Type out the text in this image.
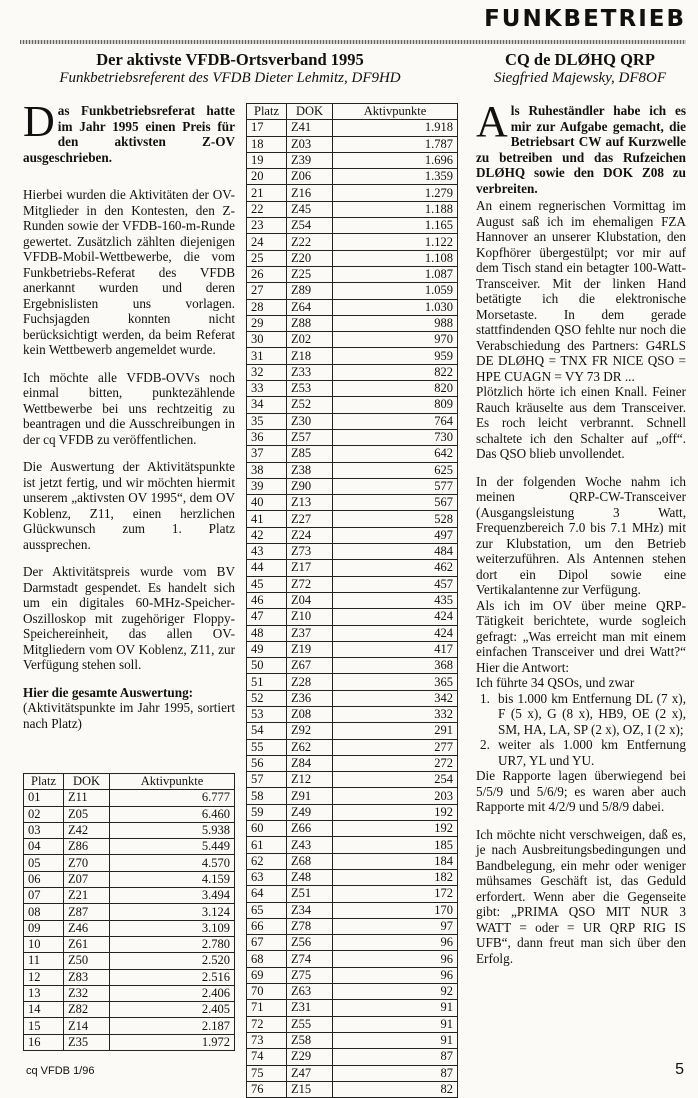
FUNKBETRIEB
Der aktivste VFDB-Ortsverband 1995
Funkbetriebsreferent des VFDB Dieter Lehmitz, DF9HD
CQ de DLØHQ QRP
Siegfried Majewsky, DF8OF

Das Funkbetriebsreferat hatte im Jahr 1995 einen Preis für den aktivsten Z-OV ausgeschrieben.

Hierbei wurden die Aktivitäten der OV-Mitglieder in den Kontesten, den Z-Runden sowie der VFDB-160-m-Runde gewertet. Zusätzlich zählten diejenigen VFDB-Mobil-Wettbewerbe, die vom Funkbetriebs-Referat des VFDB anerkannt wurden und deren Ergebnislisten uns vorlagen. Fuchsjagden konnten nicht berücksichtigt werden, da beim Referat kein Wettbewerb angemeldet wurde.

Ich möchte alle VFDB-OVVs noch einmal bitten, punktezählende Wettbewerbe bei uns rechtzeitig zu beantragen und die Ausschreibungen in der cq VFDB zu veröffentlichen.

Die Auswertung der Aktivitätspunkte ist jetzt fertig, und wir möchten hiermit unserem „aktivsten OV 1995“, dem OV Koblenz, Z11, einen herzlichen Glückwunsch zum 1. Platz aussprechen.

Der Aktivitätspreis wurde vom BV Darmstadt gespendet. Es handelt sich um ein digitales 60-MHz-Speicher-Oszilloskop mit zugehöriger Floppy-Speichereinheit, das allen OV-Mitgliedern vom OV Koblenz, Z11, zur Verfügung stehen soll.

Hier die gesamte Auswertung:

(Aktivitätspunkte im Jahr 1995, sortiert nach Platz)

Platz	DOK	Aktivpunkte
01	Z11	6.777
02	Z05	6.460
03	Z42	5.938
04	Z86	5.449
05	Z70	4.570
06	Z07	4.159
07	Z21	3.494
08	Z87	3.124
09	Z46	3.109
10	Z61	2.780
11	Z50	2.520
12	Z83	2.516
13	Z32	2.406
14	Z82	2.405
15	Z14	2.187
16	Z35	1.972
Platz	DOK	Aktivpunkte
17	Z41	1.918
18	Z03	1.787
19	Z39	1.696
20	Z06	1.359
21	Z16	1.279
22	Z45	1.188
23	Z54	1.165
24	Z22	1.122
25	Z20	1.108
26	Z25	1.087
27	Z89	1.059
28	Z64	1.030
29	Z88	988
30	Z02	970
31	Z18	959
32	Z33	822
33	Z53	820
34	Z52	809
35	Z30	764
36	Z57	730
37	Z85	642
38	Z38	625
39	Z90	577
40	Z13	567
41	Z27	528
42	Z24	497
43	Z73	484
44	Z17	462
45	Z72	457
46	Z04	435
47	Z10	424
48	Z37	424
49	Z19	417
50	Z67	368
51	Z28	365
52	Z36	342
53	Z08	332
54	Z92	291
55	Z62	277
56	Z84	272
57	Z12	254
58	Z91	203
59	Z49	192
60	Z66	192
61	Z43	185
62	Z68	184
63	Z48	182
64	Z51	172
65	Z34	170
66	Z78	97
67	Z56	96
68	Z74	96
69	Z75	96
70	Z63	92
71	Z31	91
72	Z55	91
73	Z58	91
74	Z29	87
75	Z47	87
76	Z15	82

Als Ruheständler habe ich es mir zur Aufgabe gemacht, die Betriebsart CW auf Kurzwelle zu betreiben und das Rufzeichen DLØHQ sowie den DOK Z08 zu verbreiten.

An einem regnerischen Vormittag im August saß ich im ehemaligen FZA Hannover an unserer Klubstation, den Kopfhörer übergestülpt; vor mir auf dem Tisch stand ein betagter 100-Watt-Transceiver. Mit der linken Hand betätigte ich die elektronische Morsetaste. In dem gerade stattfindenden QSO fehlte nur noch die Verabschiedung des Partners: G4RLS DE DLØHQ = TNX FR NICE QSO = HPE CUAGN = VY 73 DR ...

Plötzlich hörte ich einen Knall. Feiner Rauch kräuselte aus dem Transceiver. Es roch leicht verbrannt. Schnell schaltete ich den Schalter auf „off“. Das QSO blieb unvollendet.

In der folgenden Woche nahm ich meinen QRP-CW-Transceiver (Ausgangsleistung 3 Watt, Frequenzbereich 7.0 bis 7.1 MHz) mit zur Klubstation, um den Betrieb weiterzuführen. Als Antennen stehen dort ein Dipol sowie eine Vertikalantenne zur Verfügung.

Als ich im OV über meine QRP-Tätigkeit berichtete, wurde sogleich gefragt: „Was erreicht man mit einem einfachen Transceiver und drei Watt?“ Hier die Antwort:

Ich führte 34 QSOs, und zwar

1. bis 1.000 km Entfernung DL (7 x), F (5 x), G (8 x), HB9, OE (2 x), SM, HA, LA, SP (2 x), OZ, I (2 x);
2. weiter als 1.000 km Entfernung UR7, YL und YU.

Die Rapporte lagen überwiegend bei 5/5/9 und 5/6/9; es waren aber auch Rapporte mit 4/2/9 und 5/8/9 dabei.

Ich möchte nicht verschweigen, daß es, je nach Ausbreitungsbedingungen und Bandbelegung, ein mehr oder weniger mühsames Geschäft ist, das Geduld erfordert. Wenn aber die Gegenseite gibt: „PRIMA QSO MIT NUR 3 WATT = oder = UR QRP RIG IS UFB“, dann freut man sich über den Erfolg.

cq VFDB 1/96	5
